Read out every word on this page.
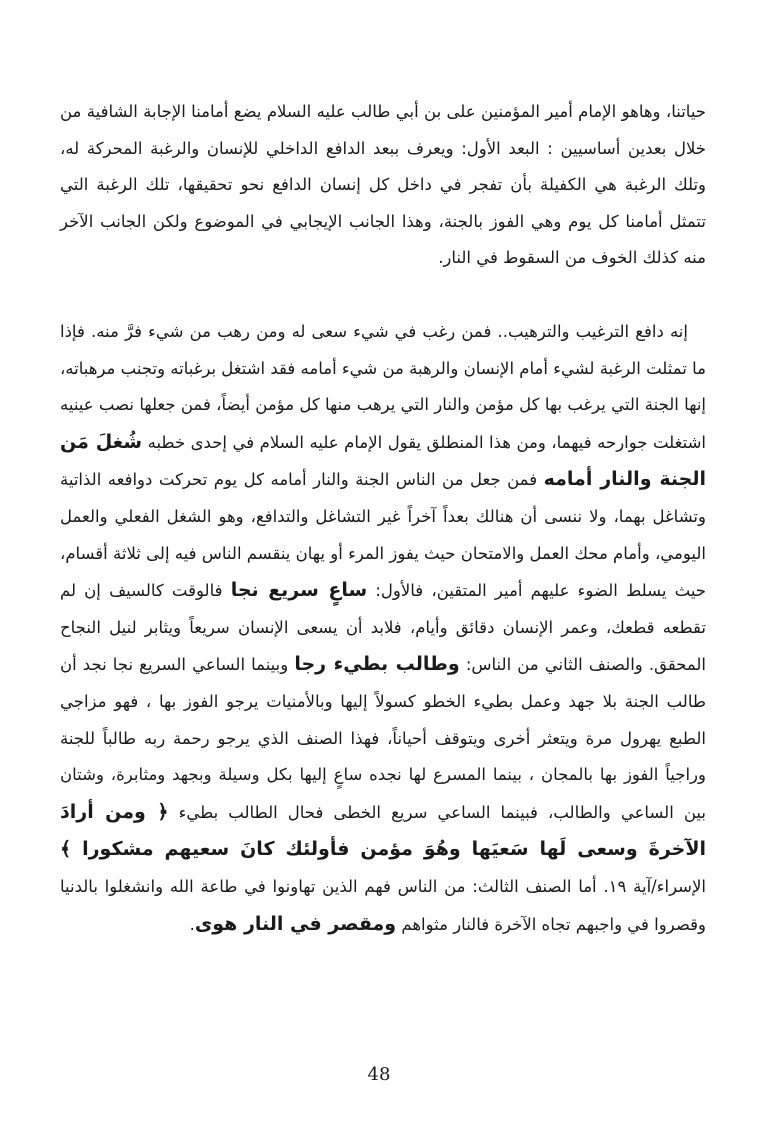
حياتنا، وهاهو الإمام أمير المؤمنين على بن أبي طالب عليه السلام يضع أمامنا الإجابة الشافية من خلال بعدين أساسيين : البعد الأول: ويعرف ببعد الدافع الداخلي للإنسان والرغبة المحركة له، وتلك الرغبة هي الكفيلة بأن تفجر في داخل كل إنسان الدافع نحو تحقيقها، تلك الرغبة التي تتمثل أمامنا كل يوم وهي الفوز بالجنة، وهذا الجانب الإيجابي في الموضوع ولكن الجانب الآخر منه كذلك الخوف من السقوط في النار.

إنه دافع الترغيب والترهيب.. فمن رغب في شيء سعى له ومن رهب من شيء فرَّ منه. فإذا ما تمثلت الرغبة لشيء أمام الإنسان والرهبة من شيء أمامه فقد اشتغل برغباته وتجنب مرهباته، إنها الجنة التي يرغب بها كل مؤمن والنار التي يرهب منها كل مؤمن أيضاً، فمن جعلها نصب عينيه اشتغلت جوارحه فيهما، ومن هذا المنطلق يقول الإمام عليه السلام في إحدى خطبه شُغلَ مَن الجنة والنار أمامه فمن جعل من الناس الجنة والنار أمامه كل يوم تحركت دوافعه الذاتية وتشاغل بهما، ولا ننسى أن هنالك بعداً آخراً غير التشاغل والتدافع، وهو الشغل الفعلي والعمل اليومي، وأمام محك العمل والامتحان حيث يفوز المرء أو يهان ينقسم الناس فيه إلى ثلاثة أقسام، حيث يسلط الضوء عليهم أمير المتقين، فالأول: ساعٍ سريع نجا فالوقت كالسيف إن لم تقطعه قطعك، وعمر الإنسان دقائق وأيام، فلابد أن يسعى الإنسان سريعاً ويثابر لنيل النجاح المحقق. والصنف الثاني من الناس: وطالب بطيء رجا وبينما الساعي السريع نجا نجد أن طالب الجنة بلا جهد وعمل بطيء الخطو كسولاً إليها وبالأمنيات يرجو الفوز بها ، فهو مزاجي الطبع يهرول مرة ويتعثر أخرى ويتوقف أحياناً، فهذا الصنف الذي يرجو رحمة ربه طالباً للجنة وراجياً الفوز بها بالمجان ، بينما المسرع لها نجده ساعٍ إليها بكل وسيلة وبجهد ومثابرة، وشتان بين الساعي والطالب، فبينما الساعي سريع الخطى فحال الطالب بطيء ﴿ ومن أرادَ الآخرةَ وسعى لَها سَعيَها وهُوَ مؤمن فأولئك كانَ سعيهم مشكورا ﴾ الإسراء/آية ١٩. أما الصنف الثالث: من الناس فهم الذين تهاونوا في طاعة الله وانشغلوا بالدنيا وقصروا في واجبهم تجاه الآخرة فالنار مثواهم ومقصر في النار هوى.

48
